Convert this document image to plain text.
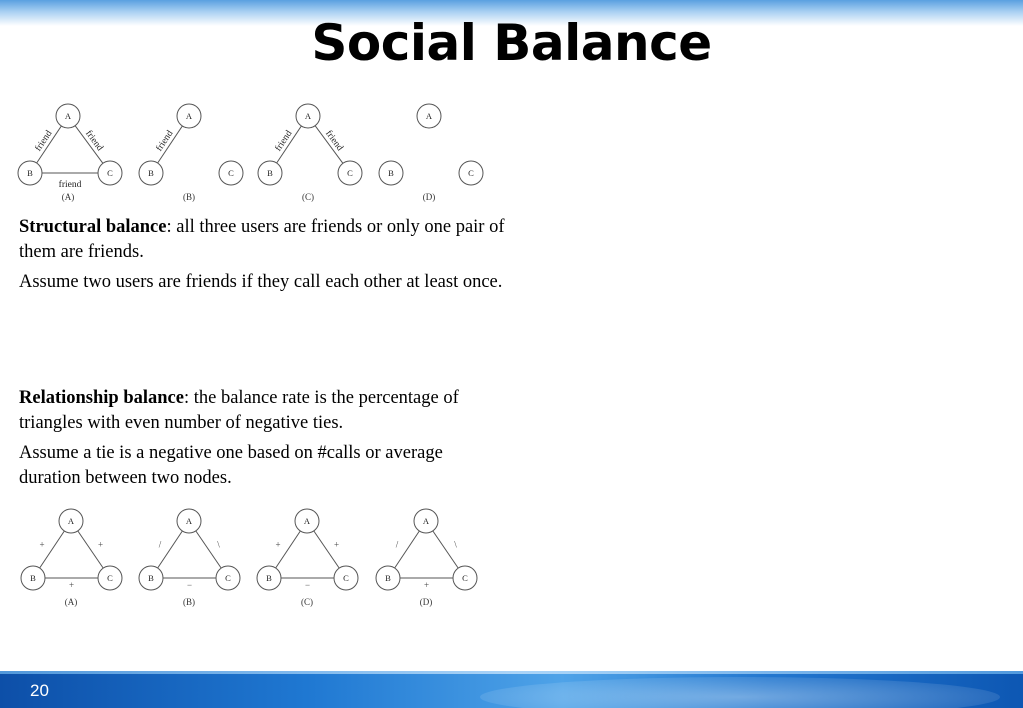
Social Balance
friend	friend
friend
A
B	C
(A)
friend
A
B	C
(B)
friend	friend
A
B	C
(C)
A
B	C
(D)
Structural balance: all three users are friends or only one pair of them are friends.
Assume two users are friends if they call each other at least once.
Relationship balance: the balance rate is the percentage of triangles with even number of negative ties.
Assume a tie is a negative one based on #calls or average duration between two nodes.
+	+
+
A
B	C
(A)
/	\
−
A
B	C
(B)
+	+
−
A
B	C
(C)
/	\
+
A
B	C
(D)
20
